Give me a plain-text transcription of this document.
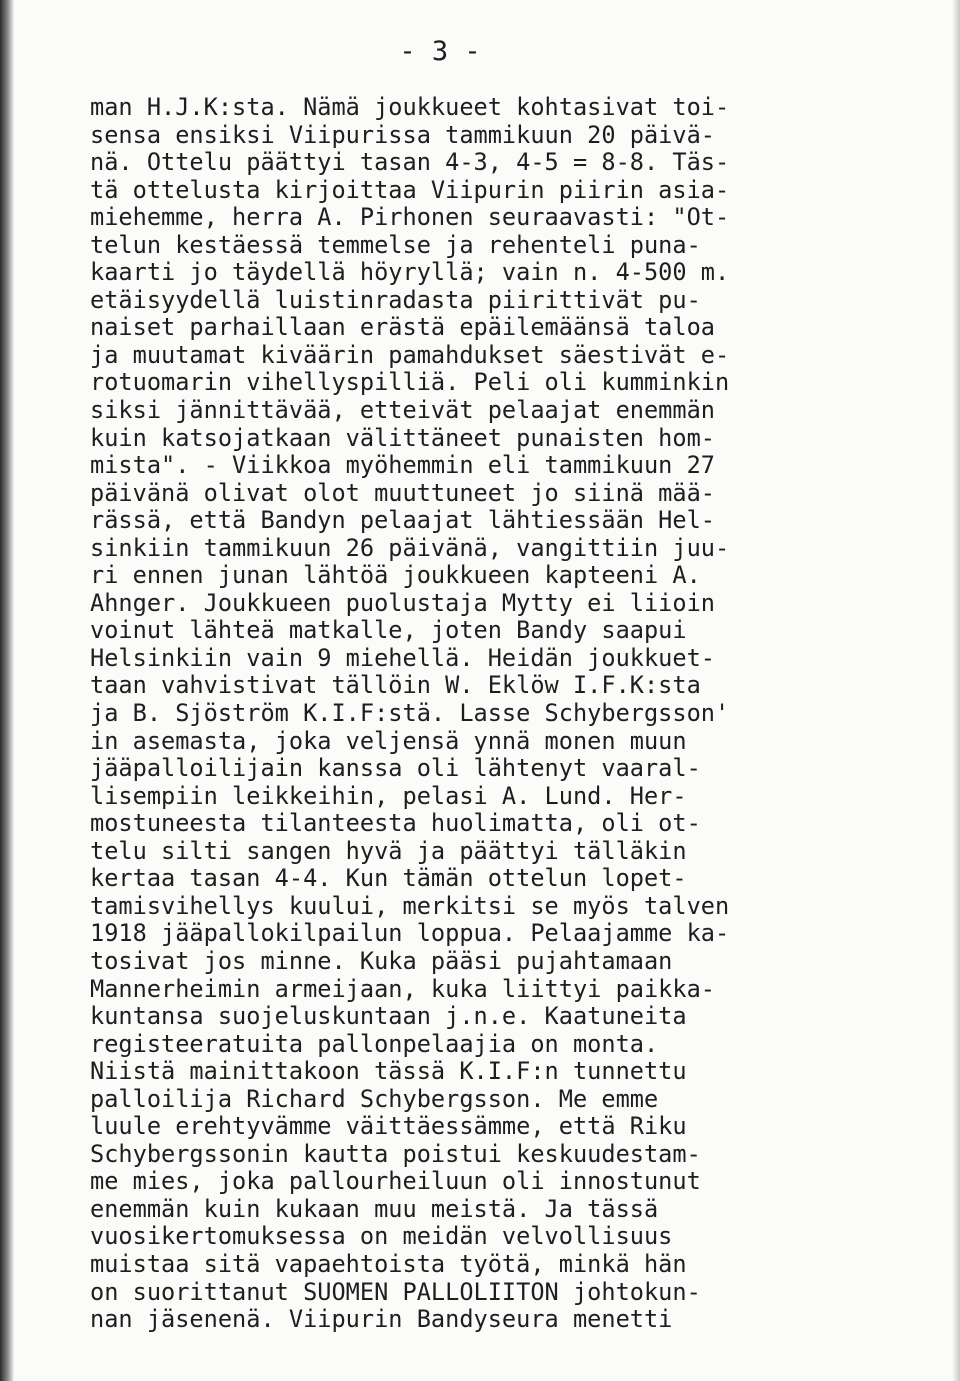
- 3 -
man H.J.K:sta. Nämä joukkueet kohtasivat toi-
sensa ensiksi Viipurissa tammikuun 20 päivä-
nä. Ottelu päättyi tasan 4-3, 4-5 = 8-8. Täs-
tä ottelusta kirjoittaa Viipurin piirin asia-
miehemme, herra A. Pirhonen seuraavasti: "Ot-
telun kestäessä temmelse ja rehenteli puna-
kaarti jo täydellä höyryllä; vain n. 4-500 m.
etäisyydellä luistinradasta piirittivät pu-
naiset parhaillaan erästä epäilemäänsä taloa
ja muutamat kiväärin pamahdukset säestivät e-
rotuomarin vihellyspilliä. Peli oli kumminkin
siksi jännittävää, etteivät pelaajat enemmän
kuin katsojatkaan välittäneet punaisten hom-
mista". - Viikkoa myöhemmin eli tammikuun 27
päivänä olivat olot muuttuneet jo siinä mää-
rässä, että Bandyn pelaajat lähtiessään Hel-
sinkiin tammikuun 26 päivänä, vangittiin juu-
ri ennen junan lähtöä joukkueen kapteeni A.
Ahnger. Joukkueen puolustaja Mytty ei liioin
voinut lähteä matkalle, joten Bandy saapui
Helsinkiin vain 9 miehellä. Heidän joukkuet-
taan vahvistivat tällöin W. Eklöw I.F.K:sta
ja B. Sjöström K.I.F:stä. Lasse Schybergsson'
in asemasta, joka veljensä ynnä monen muun
jääpalloilijain kanssa oli lähtenyt vaaral-
lisempiin leikkeihin, pelasi A. Lund. Her-
mostuneesta tilanteesta huolimatta, oli ot-
telu silti sangen hyvä ja päättyi tälläkin
kertaa tasan 4-4. Kun tämän ottelun lopet-
tamisvihellys kuului, merkitsi se myös talven
1918 jääpallokilpailun loppua. Pelaajamme ka-
tosivat jos minne. Kuka pääsi pujahtamaan
Mannerheimin armeijaan, kuka liittyi paikka-
kuntansa suojeluskuntaan j.n.e. Kaatuneita
registeeratuita pallonpelaajia on monta.
Niistä mainittakoon tässä K.I.F:n tunnettu
palloilija Richard Schybergsson. Me emme
luule erehtyvämme väittäessämme, että Riku
Schybergssonin kautta poistui keskuudestam-
me mies, joka pallourheiluun oli innostunut
enemmän kuin kukaan muu meistä. Ja tässä
vuosikertomuksessa on meidän velvollisuus
muistaa sitä vapaehtoista työtä, minkä hän
on suorittanut SUOMEN PALLOLIITON johtokun-
nan jäsenenä. Viipurin Bandyseura menetti
